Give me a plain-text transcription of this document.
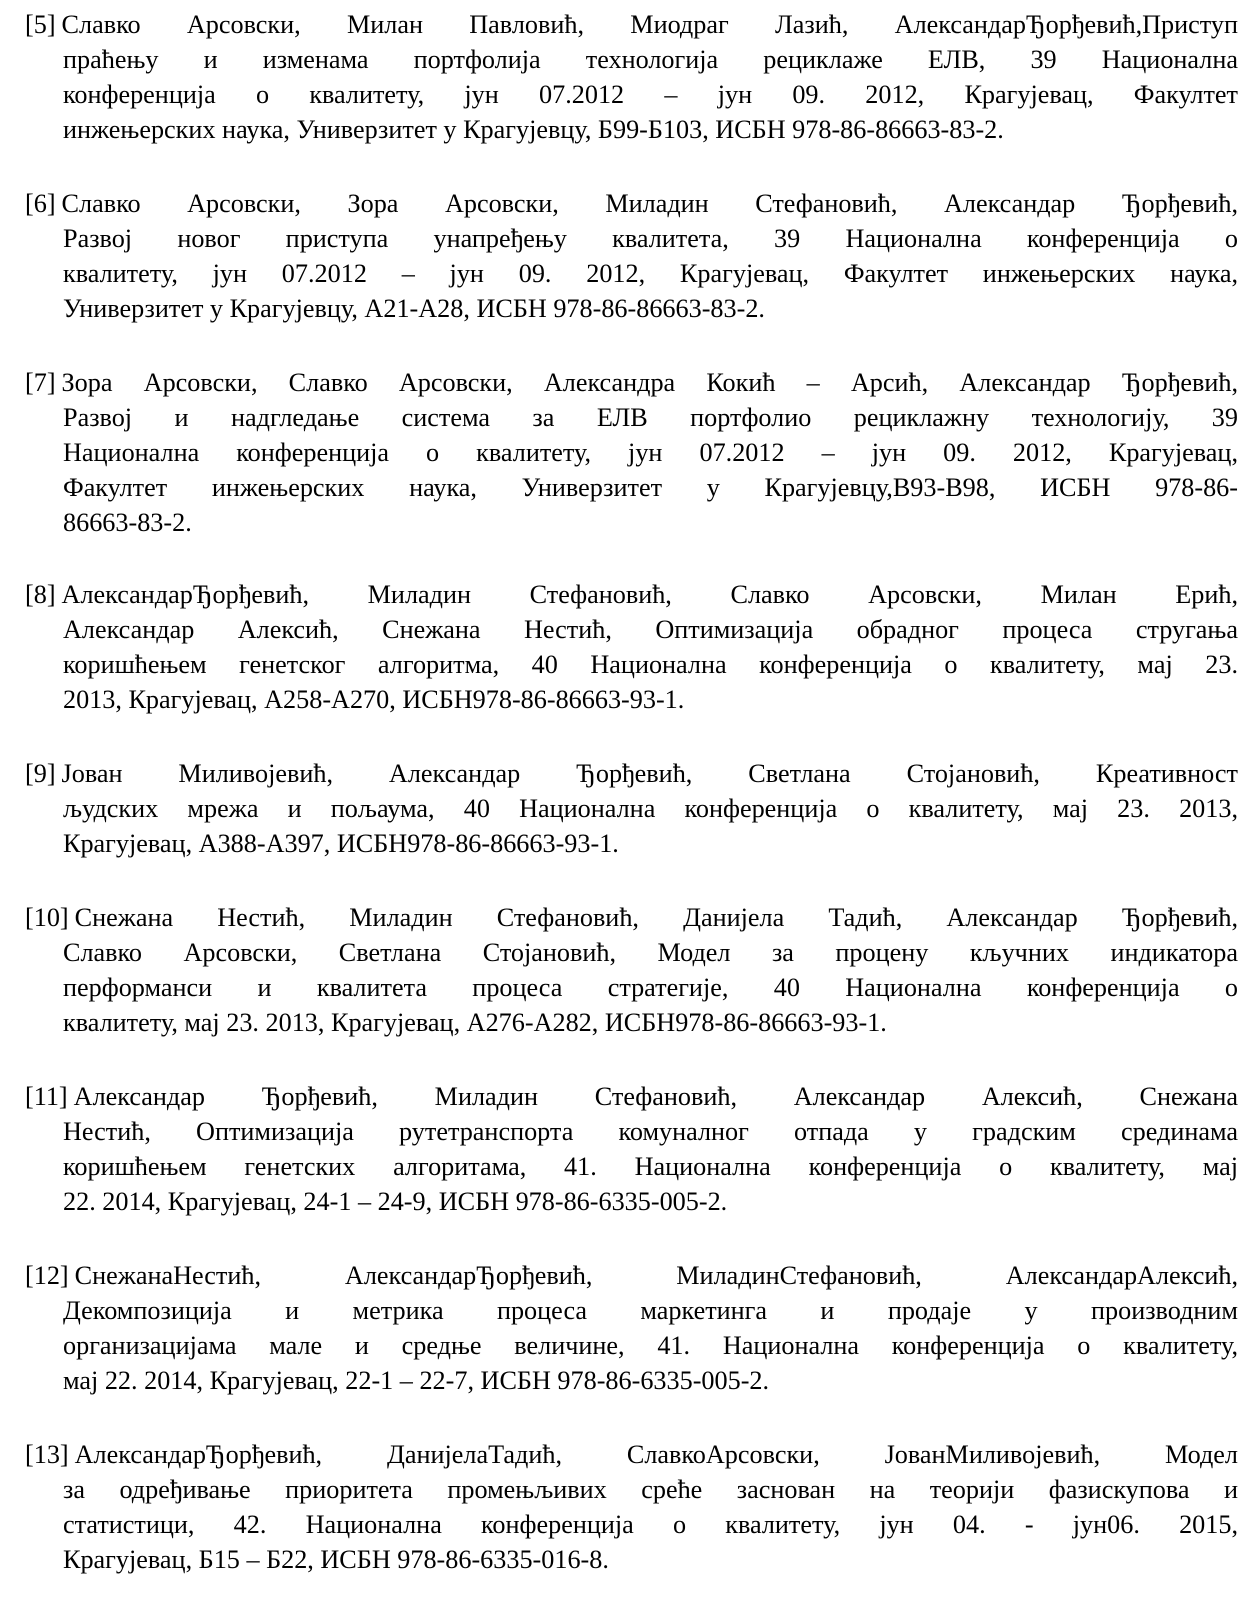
[5] Славко Арсовски, Милан Павловић, Миодраг Лазић, АлександарЂорђевић,Приступ
праћењу и изменама портфолија технологија рециклаже ЕЛВ, 39 Национална
конференција о квалитету, јун 07.2012 – јун 09. 2012, Крагујевац, Факултет
инжењерских наука, Универзитет у Крагујевцу, Б99-Б103, ИСБН 978-86-86663-83-2.
[6] Славко Арсовски, Зора Арсовски, Миладин Стефановић, Александар Ђорђевић,
Развој новог приступа унапређењу квалитета, 39 Национална конференција о
квалитету, јун 07.2012 – јун 09. 2012, Крагујевац, Факултет инжењерских наука,
Универзитет у Крагујевцу, А21-А28, ИСБН 978-86-86663-83-2.
[7] Зора Арсовски, Славко Арсовски, Александра Кокић – Арсић, Александар Ђорђевић,
Развој и надгледање система за ЕЛВ портфолио рециклажну технологију, 39
Национална конференција о квалитету, јун 07.2012 – јун 09. 2012, Крагујевац,
Факултет инжењерских наука, Универзитет у Крагујевцу,В93-В98, ИСБН 978-86-
86663-83-2.
[8] АлександарЂорђевић, Миладин Стефановић, Славко Арсовски, Милан Ерић,
Александар Алексић, Снежана Нестић, Оптимизација обрадног процеса стругања
коришћењем генетског алгоритма, 40 Национална конференција о квалитету, мај 23.
2013, Крагујевац, А258-А270, ИСБН978-86-86663-93-1.
[9] Јован Миливојевић, Александар Ђорђевић, Светлана Стојановић, Креативност
људских мрежа и пољаума, 40 Национална конференција о квалитету, мај 23. 2013,
Крагујевац, А388-А397, ИСБН978-86-86663-93-1.
[10] Снежана Нестић, Миладин Стефановић, Данијела Тадић, Александар Ђорђевић,
Славко Арсовски, Светлана Стојановић, Модел за процену кључних индикатора
перформанси и квалитета процеса стратегије, 40 Национална конференција о
квалитету, мај 23. 2013, Крагујевац, А276-А282, ИСБН978-86-86663-93-1.
[11] Александар Ђорђевић, Миладин Стефановић, Александар Алексић, Снежана
Нестић, Оптимизација рутетранспорта комуналног отпада у градским срединама
коришћењем генетских алгоритама, 41. Национална конференција о квалитету, мај
22. 2014, Крагујевац, 24-1 – 24-9, ИСБН 978-86-6335-005-2.
[12] СнежанаНестић, АлександарЂорђевић, МиладинСтефановић, АлександарАлексић,
Декомпозиција и метрика процеса маркетинга и продаје у производним
организацијама мале и средње величине, 41. Национална конференција о квалитету,
мај 22. 2014, Крагујевац, 22-1 – 22-7, ИСБН 978-86-6335-005-2.
[13] АлександарЂорђевић, ДанијелаТадић, СлавкоАрсовски, ЈованМиливојевић, Модел
за одређивање приоритета промењљивих среће заснован на теорији фазискупова и
статистици, 42. Национална конференција о квалитету, јун 04. - јун06. 2015,
Крагујевац, Б15 – Б22, ИСБН 978-86-6335-016-8.
